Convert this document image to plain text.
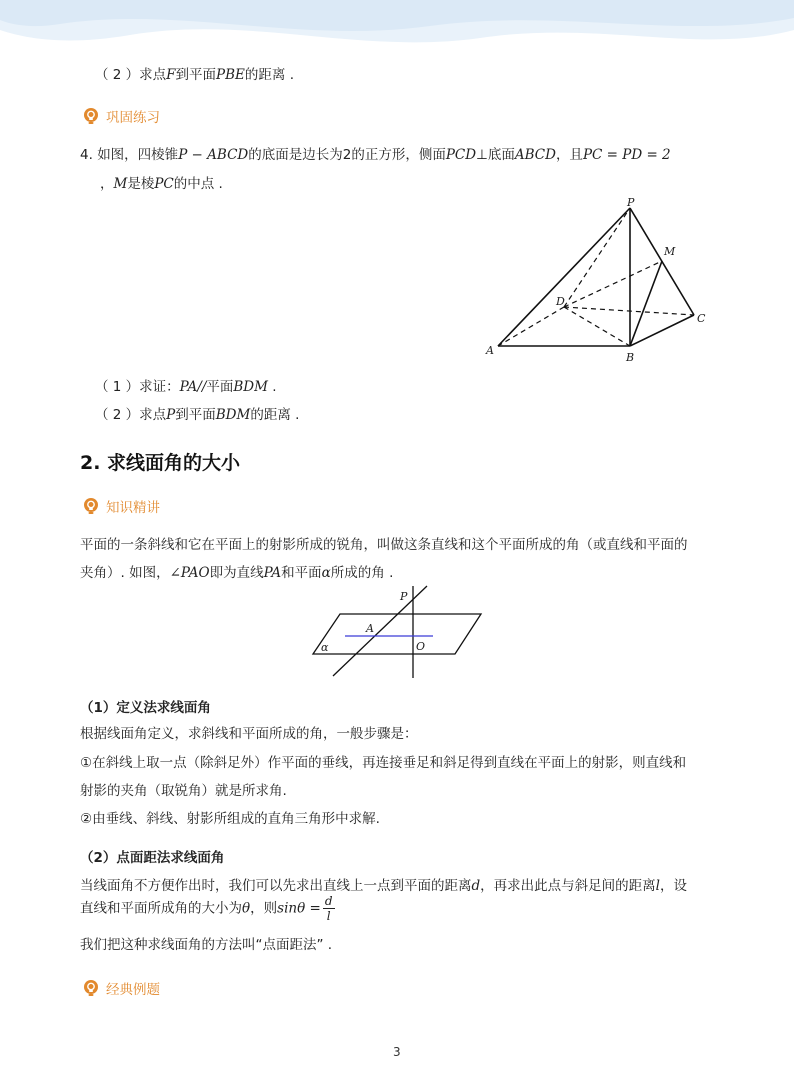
（ 2 ）求点F到平面PBE的距离 .
巩固练习
4. 如图，四棱锥P − ABCD的底面是边长为2的正方形，侧面PCD⊥底面ABCD，且PC = PD = 2
，M是棱PC的中点 .
P
M
D
C
A
B
（ 1 ）求证：PA//平面BDM .
（ 2 ）求点P到平面BDM的距离 .
2. 求线面角的大小
知识精讲
平面的一条斜线和它在平面上的射影所成的锐角，叫做这条直线和这个平面所成的角（或直线和平面的
夹角）. 如图，∠PAO即为直线PA和平面α所成的角 .
P
A
O
α
（1）定义法求线面角
根据线面角定义，求斜线和平面所成的角，一般步骤是：
①在斜线上取一点（除斜足外）作平面的垂线，再连接垂足和斜足得到直线在平面上的射影，则直线和
射影的夹角（取锐角）就是所求角.
②由垂线、斜线、射影所组成的直角三角形中求解.
（2）点面距法求线面角
当线面角不方便作出时，我们可以先求出直线上一点到平面的距离d，再求出此点与斜足间的距离l，设
直线和平面所成角的大小为θ，则$\sin\theta = \frac{d}{l}$
我们把这种求线面角的方法叫“点面距法” .
经典例题
3
